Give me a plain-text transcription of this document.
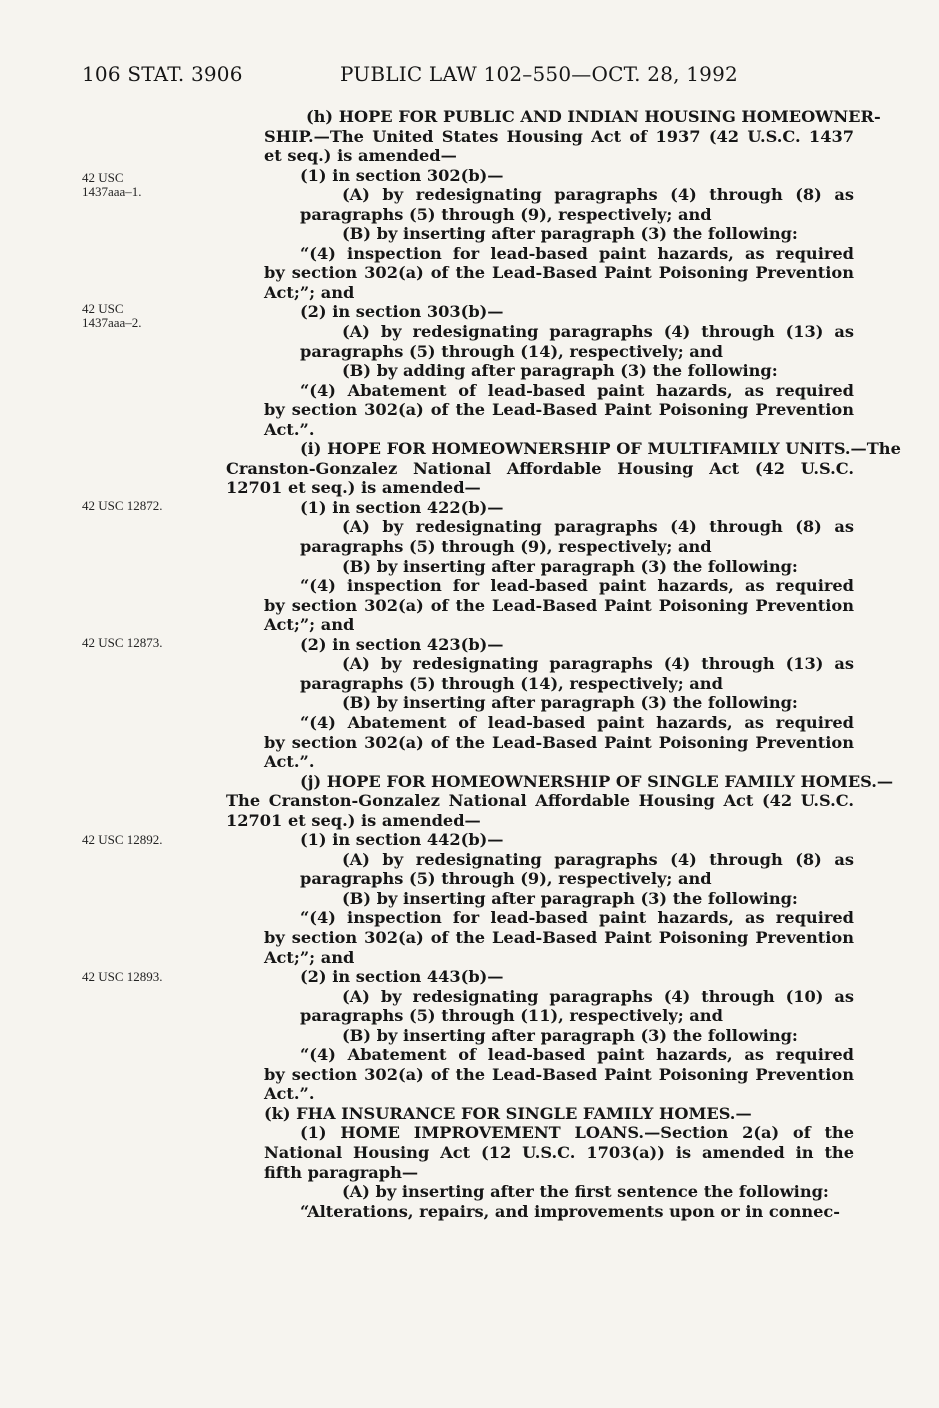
106 STAT. 3906	PUBLIC LAW 102–550—OCT. 28, 1992
42 USC
1437aaa–1.
42 USC
1437aaa–2.
42 USC 12872.
42 USC 12873.
42 USC 12892.
42 USC 12893.
(h) HOPE FOR PUBLIC AND INDIAN HOUSING HOMEOWNER-
SHIP.—The United States Housing Act of 1937 (42 U.S.C. 1437
et seq.) is amended—
(1) in section 302(b)—
(A) by redesignating paragraphs (4) through (8) as
paragraphs (5) through (9), respectively; and
(B) by inserting after paragraph (3) the following:
“(4) inspection for lead-based paint hazards, as required
by section 302(a) of the Lead-Based Paint Poisoning Prevention
Act;”; and
(2) in section 303(b)—
(A) by redesignating paragraphs (4) through (13) as
paragraphs (5) through (14), respectively; and
(B) by adding after paragraph (3) the following:
“(4) Abatement of lead-based paint hazards, as required
by section 302(a) of the Lead-Based Paint Poisoning Prevention
Act.”.
(i) HOPE FOR HOMEOWNERSHIP OF MULTIFAMILY UNITS.—The
Cranston-Gonzalez National Affordable Housing Act (42 U.S.C.
12701 et seq.) is amended—
(1) in section 422(b)—
(A) by redesignating paragraphs (4) through (8) as
paragraphs (5) through (9), respectively; and
(B) by inserting after paragraph (3) the following:
“(4) inspection for lead-based paint hazards, as required
by section 302(a) of the Lead-Based Paint Poisoning Prevention
Act;”; and
(2) in section 423(b)—
(A) by redesignating paragraphs (4) through (13) as
paragraphs (5) through (14), respectively; and
(B) by inserting after paragraph (3) the following:
“(4) Abatement of lead-based paint hazards, as required
by section 302(a) of the Lead-Based Paint Poisoning Prevention
Act.”.
(j) HOPE FOR HOMEOWNERSHIP OF SINGLE FAMILY HOMES.—
The Cranston-Gonzalez National Affordable Housing Act (42 U.S.C.
12701 et seq.) is amended—
(1) in section 442(b)—
(A) by redesignating paragraphs (4) through (8) as
paragraphs (5) through (9), respectively; and
(B) by inserting after paragraph (3) the following:
“(4) inspection for lead-based paint hazards, as required
by section 302(a) of the Lead-Based Paint Poisoning Prevention
Act;”; and
(2) in section 443(b)—
(A) by redesignating paragraphs (4) through (10) as
paragraphs (5) through (11), respectively; and
(B) by inserting after paragraph (3) the following:
“(4) Abatement of lead-based paint hazards, as required
by section 302(a) of the Lead-Based Paint Poisoning Prevention
Act.”.
(k) FHA INSURANCE FOR SINGLE FAMILY HOMES.—
(1) HOME IMPROVEMENT LOANS.—Section 2(a) of the
National Housing Act (12 U.S.C. 1703(a)) is amended in the
fifth paragraph—
(A) by inserting after the first sentence the following:
“Alterations, repairs, and improvements upon or in connec-
